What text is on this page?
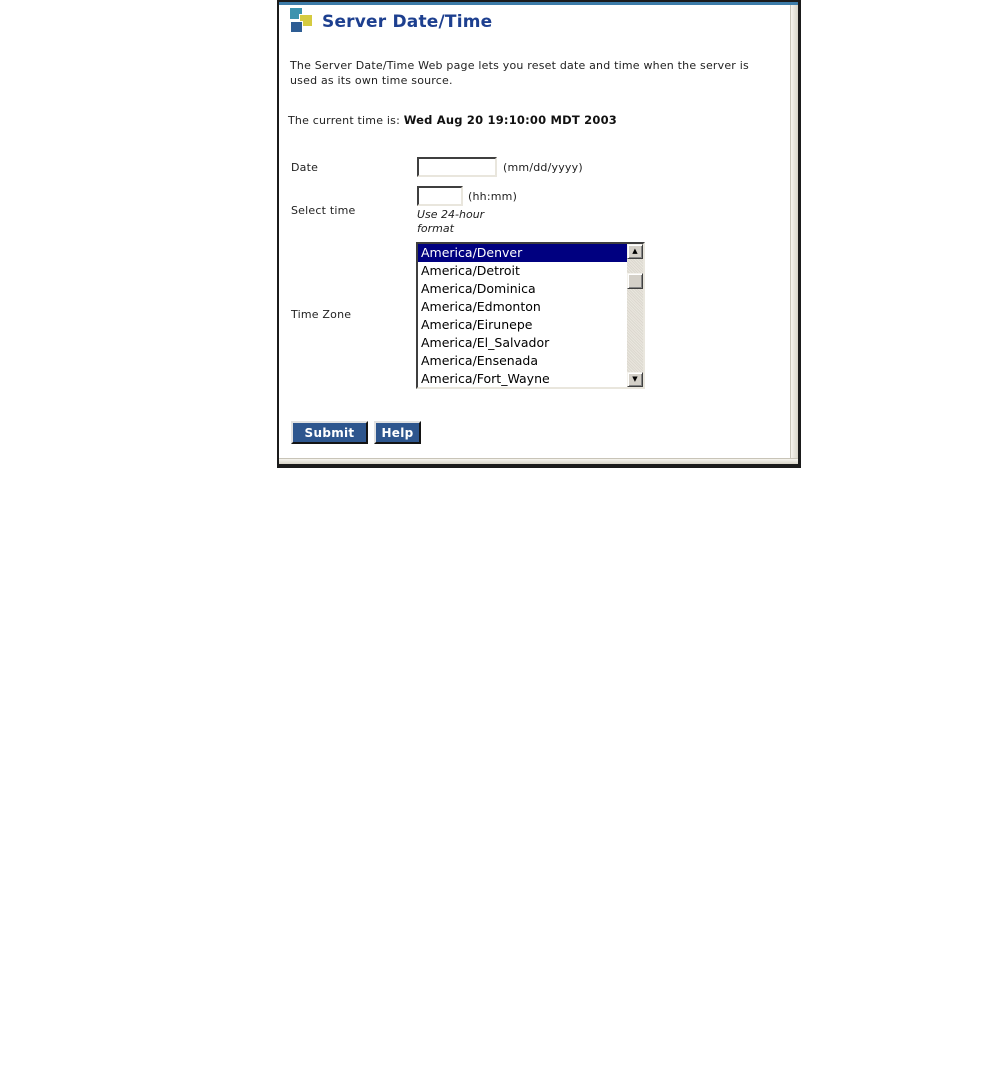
Server Date/Time
The Server Date/Time Web page lets you reset date and time when the server is used as its own time source.
The current time is: Wed Aug 20 19:10:00 MDT 2003
Date	(mm/dd/yyyy)
Select time
(hh:mm)
Use 24-hour
format
Time Zone
America/Denver
America/Detroit
America/Dominica
America/Edmonton
America/Eirunepe
America/El_Salvador
America/Ensenada
America/Fort_Wayne
▲
▼
Submit	Help
